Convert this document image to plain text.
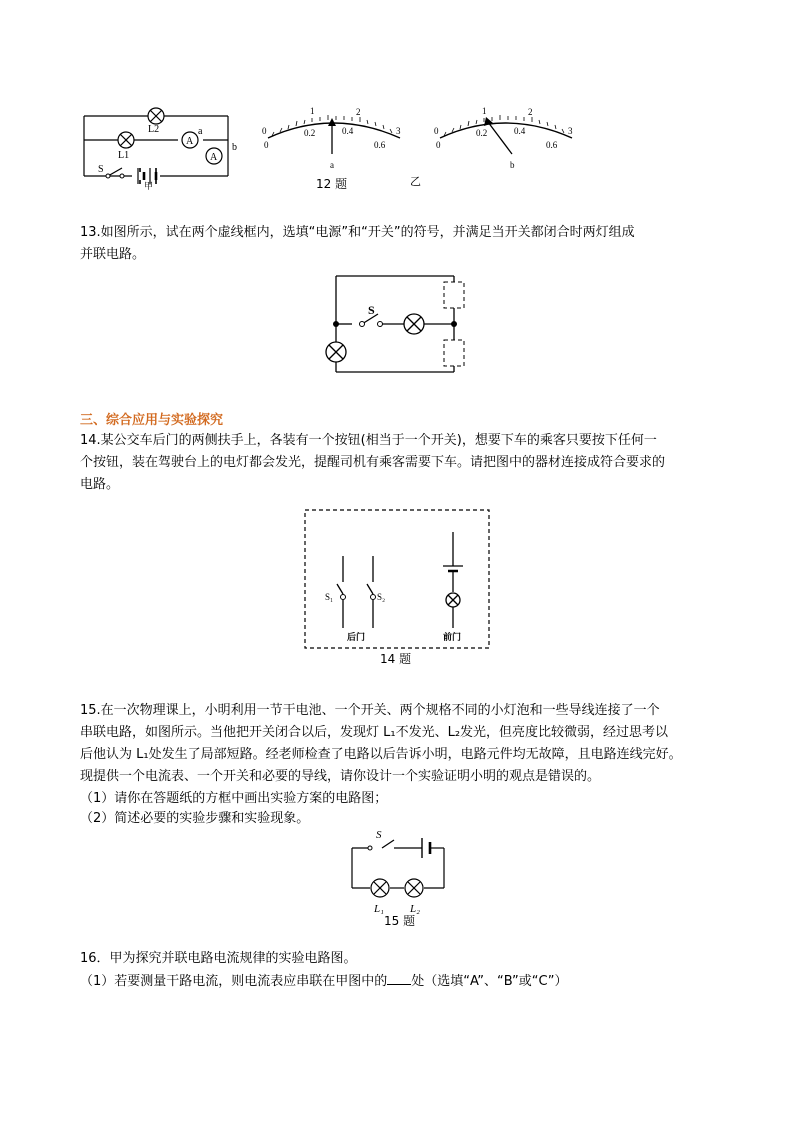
A
A
L2
L1
a
b
S
甲
0
0.2	0.4
0.6
0
1	2
3
a
0
0.2	0.4
0.6
0
1	2
3
b
12 题	乙
13.如图所示，试在两个虚线框内，选填“电源”和“开关”的符号，并满足当开关都闭合时两灯组成
并联电路。
S
三、综合应用与实验探究
14.某公交车后门的两侧扶手上，各装有一个按钮(相当于一个开关)，想要下车的乘客只要按下任何一
个按钮，装在驾驶台上的电灯都会发光，提醒司机有乘客需要下车。请把图中的器材连接成符合要求的
电路。
S₁	S₂
后门	前门
14 题
15.在一次物理课上，小明利用一节干电池、一个开关、两个规格不同的小灯泡和一些导线连接了一个
串联电路，如图所示。当他把开关闭合以后，发现灯 L₁不发光、L₂发光，但亮度比较微弱，经过思考以
后他认为 L₁处发生了局部短路。经老师检查了电路以后告诉小明，电路元件均无故障，且电路连线完好。
现提供一个电流表、一个开关和必要的导线，请你设计一个实验证明小明的观点是错误的。
（1）请你在答题纸的方框中画出实验方案的电路图；
（2）简述必要的实验步骤和实验现象。
S
L₁ L₂
15 题
16．甲为探究并联电路电流规律的实验电路图。
（1）若要测量干路电流，则电流表应串联在甲图中的 处（选填“A”、“B”或“C”）
